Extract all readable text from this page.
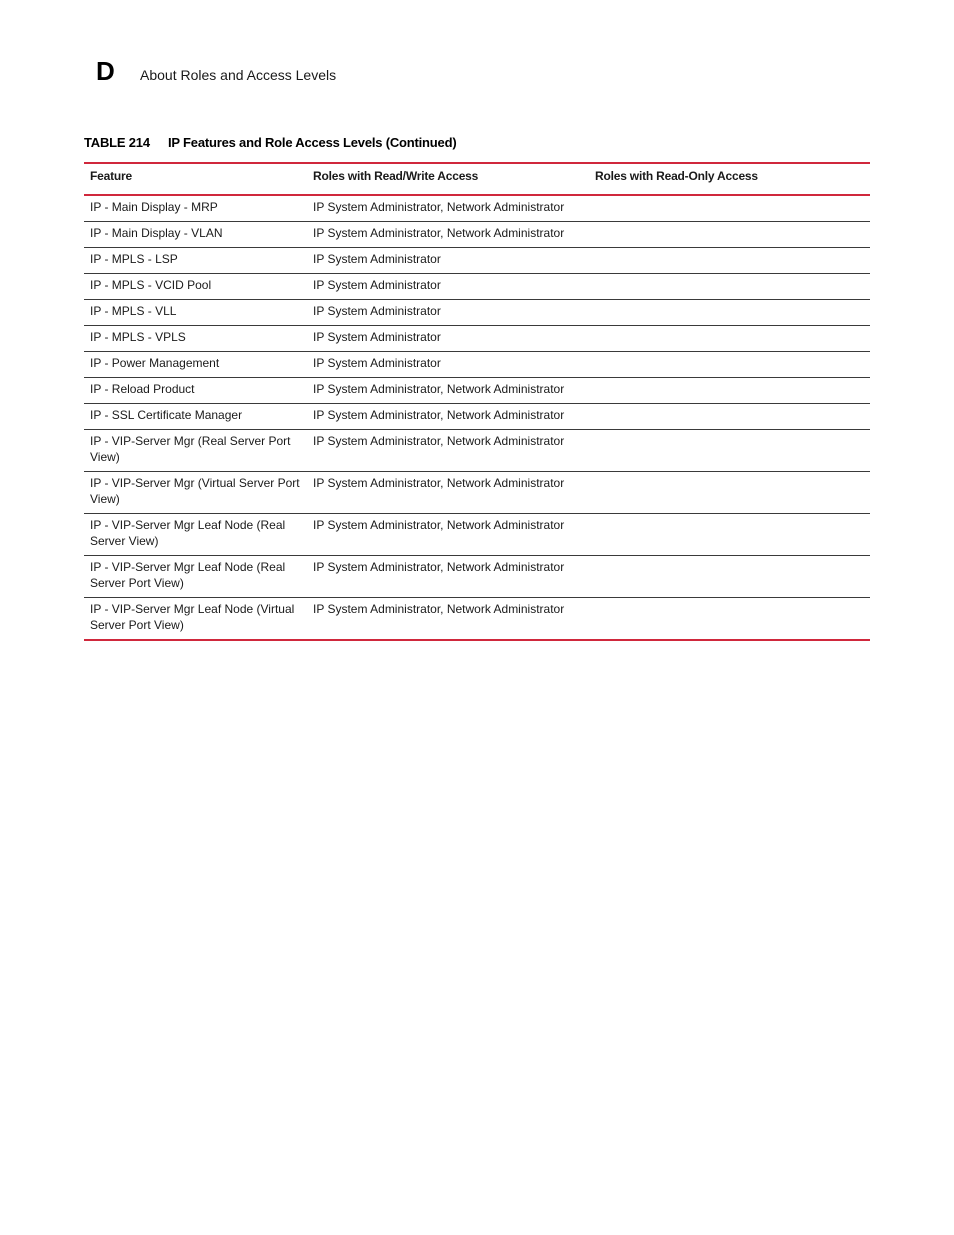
D	About Roles and Access Levels
TABLE 214	IP Features and Role Access Levels (Continued)
Feature	Roles with Read/Write Access	Roles with Read-Only Access
IP - Main Display - MRP	IP System Administrator, Network Administrator	
IP - Main Display - VLAN	IP System Administrator, Network Administrator	
IP - MPLS - LSP	IP System Administrator	
IP - MPLS - VCID Pool	IP System Administrator	
IP - MPLS - VLL	IP System Administrator	
IP - MPLS - VPLS	IP System Administrator	
IP - Power Management	IP System Administrator	
IP - Reload Product	IP System Administrator, Network Administrator	
IP - SSL Certificate Manager	IP System Administrator, Network Administrator	
IP - VIP-Server Mgr (Real Server Port View)	IP System Administrator, Network Administrator	
IP - VIP-Server Mgr (Virtual Server Port View)	IP System Administrator, Network Administrator	
IP - VIP-Server Mgr Leaf Node (Real Server View)	IP System Administrator, Network Administrator	
IP - VIP-Server Mgr Leaf Node (Real Server Port View)	IP System Administrator, Network Administrator	
IP - VIP-Server Mgr Leaf Node (Virtual Server Port View)	IP System Administrator, Network Administrator	
